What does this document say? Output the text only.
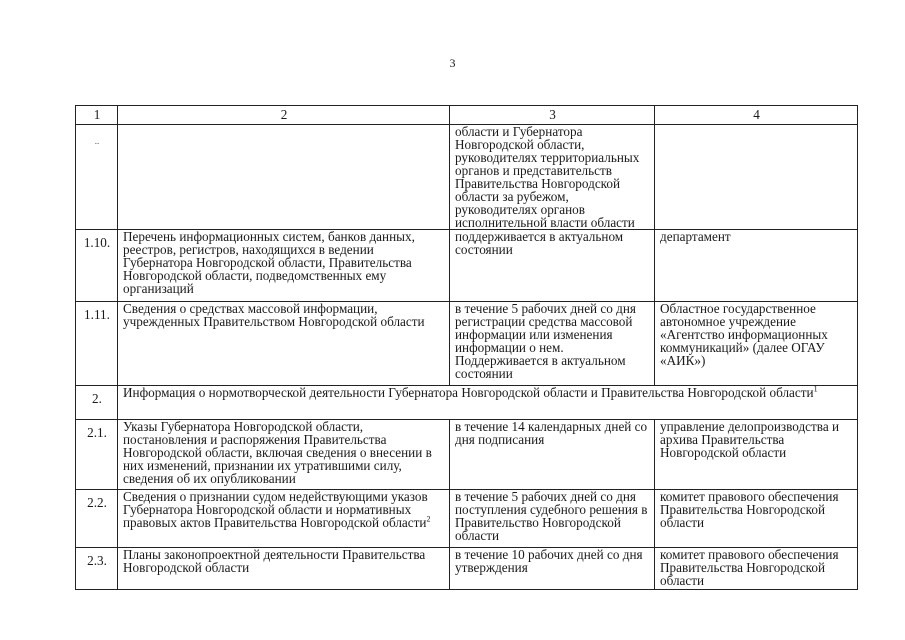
3
1	2	3	4
..		области и Губернатора Новгородской области, руководителях территориальных органов и представительств Правительства Новгородской области за рубежом, руководителях органов исполнительной власти области	
1.10.	Перечень информационных систем, банков данных, реестров, регистров, находящихся в ведении Губернатора Новгородской области, Правительства Новгородской области, подведомственных ему организаций	поддерживается в актуальном состоянии	департамент
1.11.	Сведения о средствах массовой информации, учрежденных Правительством Новгородской области	в течение 5 рабочих дней со дня регистрации средства массовой информации или изменения информации о нем. Поддерживается в актуальном состоянии	Областное государственное автономное учреждение «Агентство информационных коммуникаций» (далее ОГАУ «АИК»)
2.	Информация о нормотворческой деятельности Губернатора Новгородской области и Правительства Новгородской области$^1$
2.1.	Указы Губернатора Новгородской области, постановления и распоряжения Правительства Новгородской области, включая сведения о внесении в них изменений, признании их утратившими силу, сведения об их опубликовании	в течение 14 календарных дней со дня подписания	управление делопроизводства и архива Правительства Новгородской области
2.2.	Сведения о признании судом недействующими указов Губернатора Новгородской области и нормативных правовых актов Правительства Новгородской области$^2$	в течение 5 рабочих дней со дня поступления судебного решения в Правительство Новгородской области	комитет правового обеспечения Правительства Новгородской области
2.3.	Планы законопроектной деятельности Правительства Новгородской области	в течение 10 рабочих дней со дня утверждения	комитет правового обеспечения Правительства Новгородской области
